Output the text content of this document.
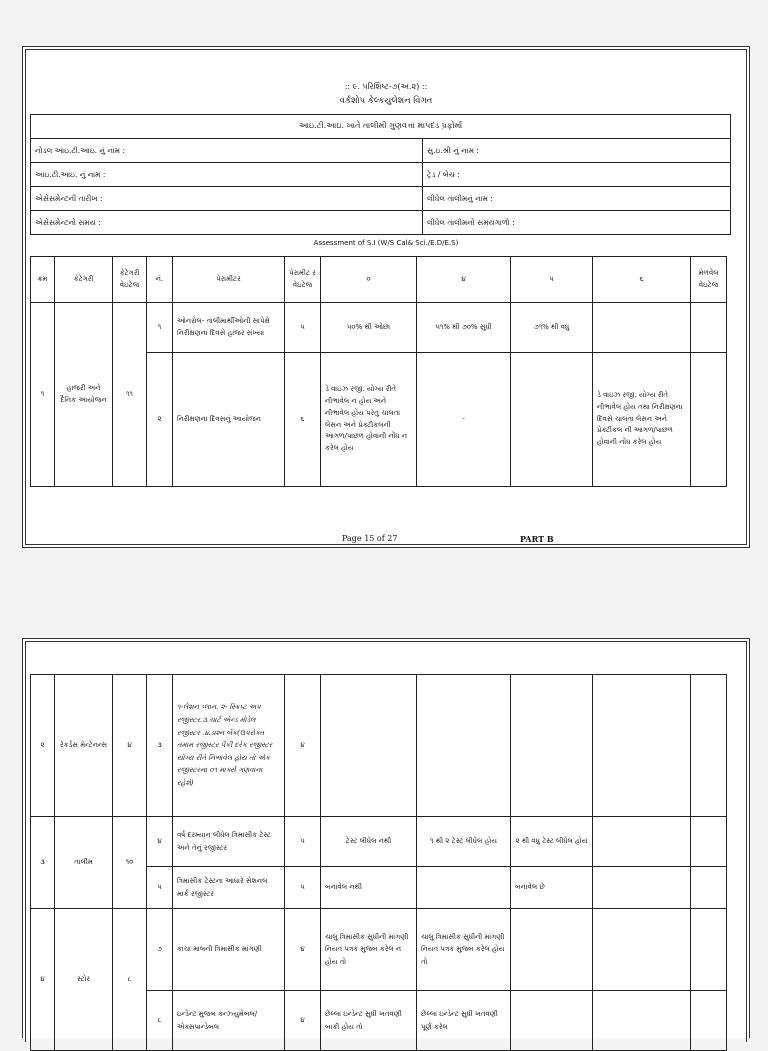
:: ૯. પરિશિષ્ટ-૭(અ.૨) ::
વર્કશોપ કેલ્કયુલેશન વિગત
આઇ.ટી.આઇ. ખાતે તાલીમી ગુણવત્તા માપદંડ પ્રફોર્મા	
નોડલ આઇ.ટી.આઇ. નું નામ :	સુ.ઇ.શ્રી નું નામ :
આઇ.ટી.આઇ. નું નામ :	ટ્રેડ / બેચ :
એસેસમેન્ટની તારીખ :	લીધેલ તાલીમનું નામ :
એસેસમેન્ટનો સમય :	લીધેલ તાલીમનો સમયગાળો :
Assessment of S.I (W/S Cal& Sci./E.D/E.S)
ક્રમ	કેટેગરી	કેટેગરી વેઇટેજ	નં.	પેરામીટર	પેરામીટ ર વેઇટેજ	૦	૪	૫	૬	મેળવેલ વેઇટેજ
૧	હાજરી અને દૈનિક આયોજન	૧૧	૧	ઓનરોલ- તાલીમાર્થીઓની સાપેક્ષે નિરીક્ષણના દિવસે હાજર સંખ્યા	૫	૫૦% થી ઓછા	૫૧% થી ૭૦% સુધી	૭૧% થી વધુ		
			૨	નિરીક્ષણના દિવસનું આયોજન	૬	ડે વાઇઝ રજી. યોગ્ય રીતે નીભાવેલ ન હોય અને નીભાવેલ હોય પરંતુ ચાલતા લેસન અને પ્રેક્ટીકલની આગળ/પાછળ હોવાની નોંધ ન કરેલ હોય	-		ડે વાઇઝ રજી. યોગ્ય રીતે નીભાવેલ હોય તથા નિરીક્ષણના દિવસે ચાલતા લેસન અને પ્રેક્ટીકલ ની આગળ/પાછળ હોવાની નોંધ કરેલ હોય	
Page 15 of 27	PART B
૨	રેકર્ડસ મેન્ટેનન્સ	૪	૩	૧-લેશન પ્લાન. ૨- સ્ક્રિપ્ટ અપ રજીસ્ટર.૩.ચાર્ટ એન્ડ મોડેલ રજીસ્ટર .૪.પ્રશ્ન બેંક(ઉપરોક્ત તમામ રજીસ્ટર પૈકી દરેક રજીસ્ટર યોગ્ય રીતે નિભાવેલ હોય તો એક રજીસ્ટરના ૦૧ માર્ક્સ ગણવાના રહેશે)	૪					
૩	તાલીમ	૧૦	૪	વર્ષ દરમ્યાન લીધેલ ત્રિમાસીક ટેસ્ટ અને તેનું રજીસ્ટર	૫	ટેસ્ટ લીધેલ નથી	૧ થી ૨ ટેસ્ટ લીધેલ હોય	૨ થી વધુ ટેસ્ટ લીધેલ હોય		
			૫	ત્રિમાસીક ટેસ્ટના આધારે સેશનલ માર્ક રજીસ્ટર	૫	બનાવેલ નથી		બનાવેલ છે		
૪	સ્ટોર	૮	૭	કાચા માલની ત્રિમાસીક માંગણી	૪	ચાલુ ત્રિમાસીક સુધીની માંગણી નિયત પત્રક મુજબ કરેલ ન હોય તો	ચાલુ ત્રિમાસીક સુધીની માંગણી નિયત પત્રક મુજબ કરેલ હોય તો			
			૮	ઇન્ડેન્ટ મુજબ કન્ઝ્યુમેબલ/એક્સપાન્ડેબલ	૪	છેલ્લા ઇન્ડેન્ટ સુધી ખતવણી બાકી હોય તો	છેલ્લા ઇન્ડેન્ટ સુધી ખતવણી પૂર્ણ કરેલ			
